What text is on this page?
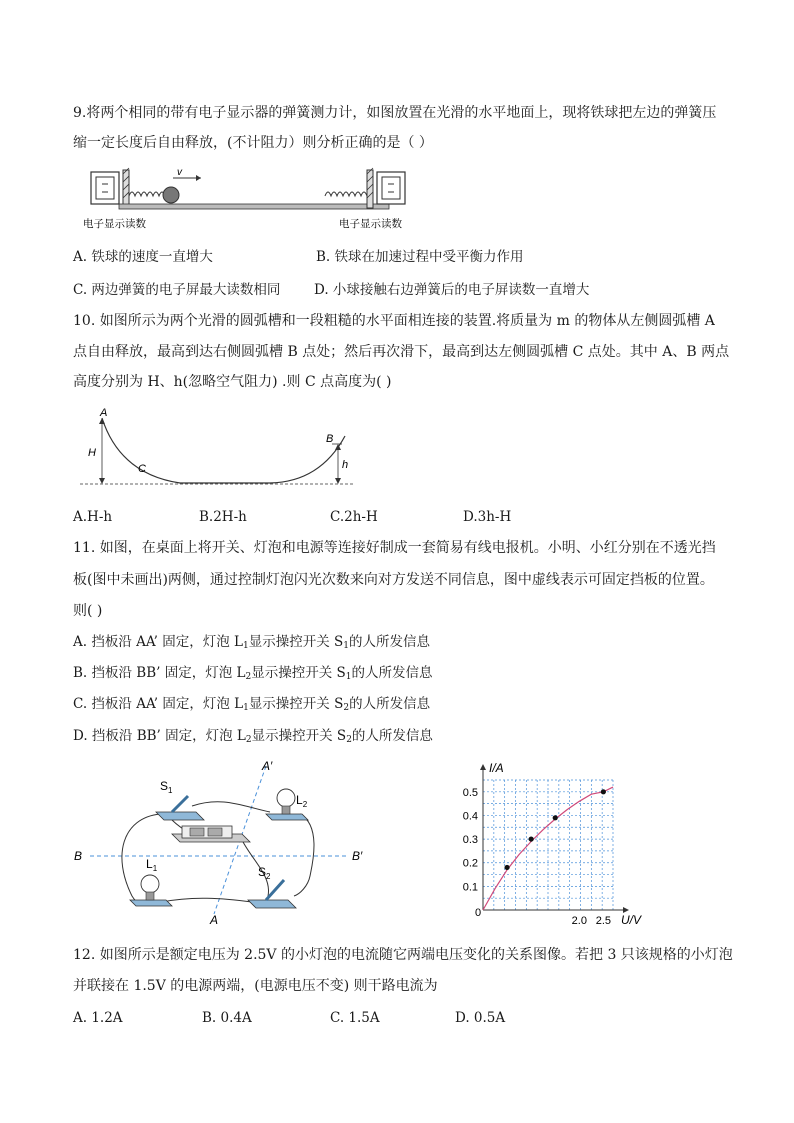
9.将两个相同的带有电子显示器的弹簧测力计，如图放置在光滑的水平地面上，现将铁球把左边的弹簧压
缩一定长度后自由释放，(不计阻力）则分析正确的是（ ）
v
电子显示读数	电子显示读数
A. 铁球的速度一直增大	B. 铁球在加速过程中受平衡力作用
C. 两边弹簧的电子屏最大读数相同 D. 小球接触右边弹簧后的电子屏读数一直增大
10. 如图所示为两个光滑的圆弧槽和一段粗糙的水平面相连接的装置.将质量为 m 的物体从左侧圆弧槽 A
点自由释放，最高到达右侧圆弧槽 B 点处；然后再次滑下，最高到达左侧圆弧槽 C 点处。其中 A、B 两点
高度分别为 H、h(忽略空气阻力) .则 C 点高度为( )
A
H
C
B
h
A.H-h	B.2H-h	C.2h-H	D.3h-H
11. 如图，在桌面上将开关、灯泡和电源等连接好制成一套简易有线电报机。小明、小红分别在不透光挡
板(图中未画出)两侧，通过控制灯泡闪光次数来向对方发送不同信息，图中虚线表示可固定挡板的位置。
则( )
A. 挡板沿 AA’ 固定，灯泡 $L_1$显示操控开关 $S_1$的人所发信息
B. 挡板沿 BB’ 固定，灯泡 $L_2$显示操控开关 $S_1$的人所发信息
C. 挡板沿 AA’ 固定，灯泡 $L_1$显示操控开关 $S_2$的人所发信息
D. 挡板沿 BB’ 固定，灯泡 $L_2$显示操控开关 $S_2$的人所发信息
A′
A
B	B′
$S_1$
$L_2$
$L_1$	$S_2$
0.1
0.2
0.3
0.4
0.5
2.0 2.5
0
I/A
U/V
12. 如图所示是额定电压为 2.5V 的小灯泡的电流随它两端电压变化的关系图像。若把 3 只该规格的小灯泡
并联接在 1.5V 的电源两端，(电源电压不变) 则干路电流为
A. 1.2A	B. 0.4A	C. 1.5A	D. 0.5A
